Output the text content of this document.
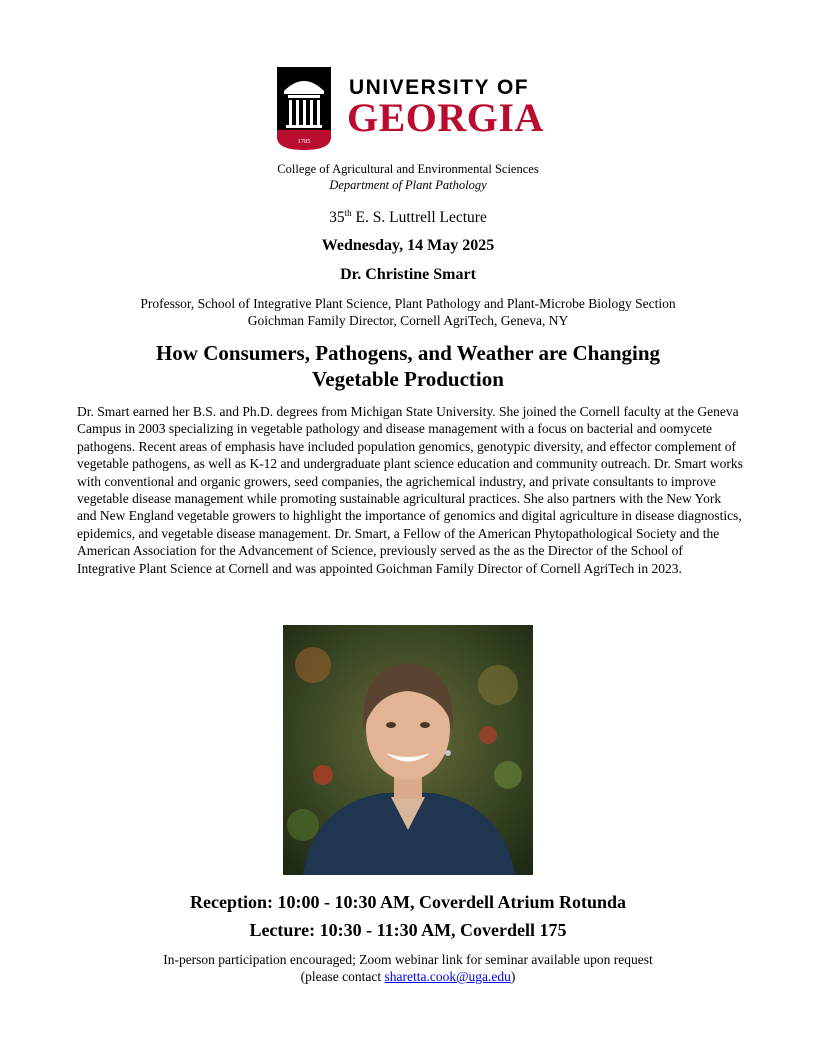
1785
UNIVERSITY OF
GEORGIA
College of Agricultural and Environmental Sciences
Department of Plant Pathology
35th E. S. Luttrell Lecture
Wednesday, 14 May 2025
Dr. Christine Smart
Professor, School of Integrative Plant Science, Plant Pathology and Plant-Microbe Biology Section
Goichman Family Director, Cornell AgriTech, Geneva, NY
How Consumers, Pathogens, and Weather are Changing
Vegetable Production

Dr. Smart earned her B.S. and Ph.D. degrees from Michigan State University. She joined the Cornell faculty at the Geneva Campus in 2003 specializing in vegetable pathology and disease management with a focus on bacterial and oomycete pathogens. Recent areas of emphasis have included population genomics, genotypic diversity, and effector complement of vegetable pathogens, as well as K-12 and undergraduate plant science education and community outreach. Dr. Smart works with conventional and organic growers, seed companies, the agrichemical industry, and private consultants to improve vegetable disease management while promoting sustainable agricultural practices. She also partners with the New York and New England vegetable growers to highlight the importance of genomics and digital agriculture in disease diagnostics, epidemics, and vegetable disease management. Dr. Smart, a Fellow of the American Phytopathological Society and the American Association for the Advancement of Science, previously served as the as the Director of the School of Integrative Plant Science at Cornell and was appointed Goichman Family Director of Cornell AgriTech in 2023.

Reception: 10:00 - 10:30 AM, Coverdell Atrium Rotunda
Lecture: 10:30 - 11:30 AM, Coverdell 175
In-person participation encouraged; Zoom webinar link for seminar available upon request
(please contact sharetta.cook@uga.edu)
